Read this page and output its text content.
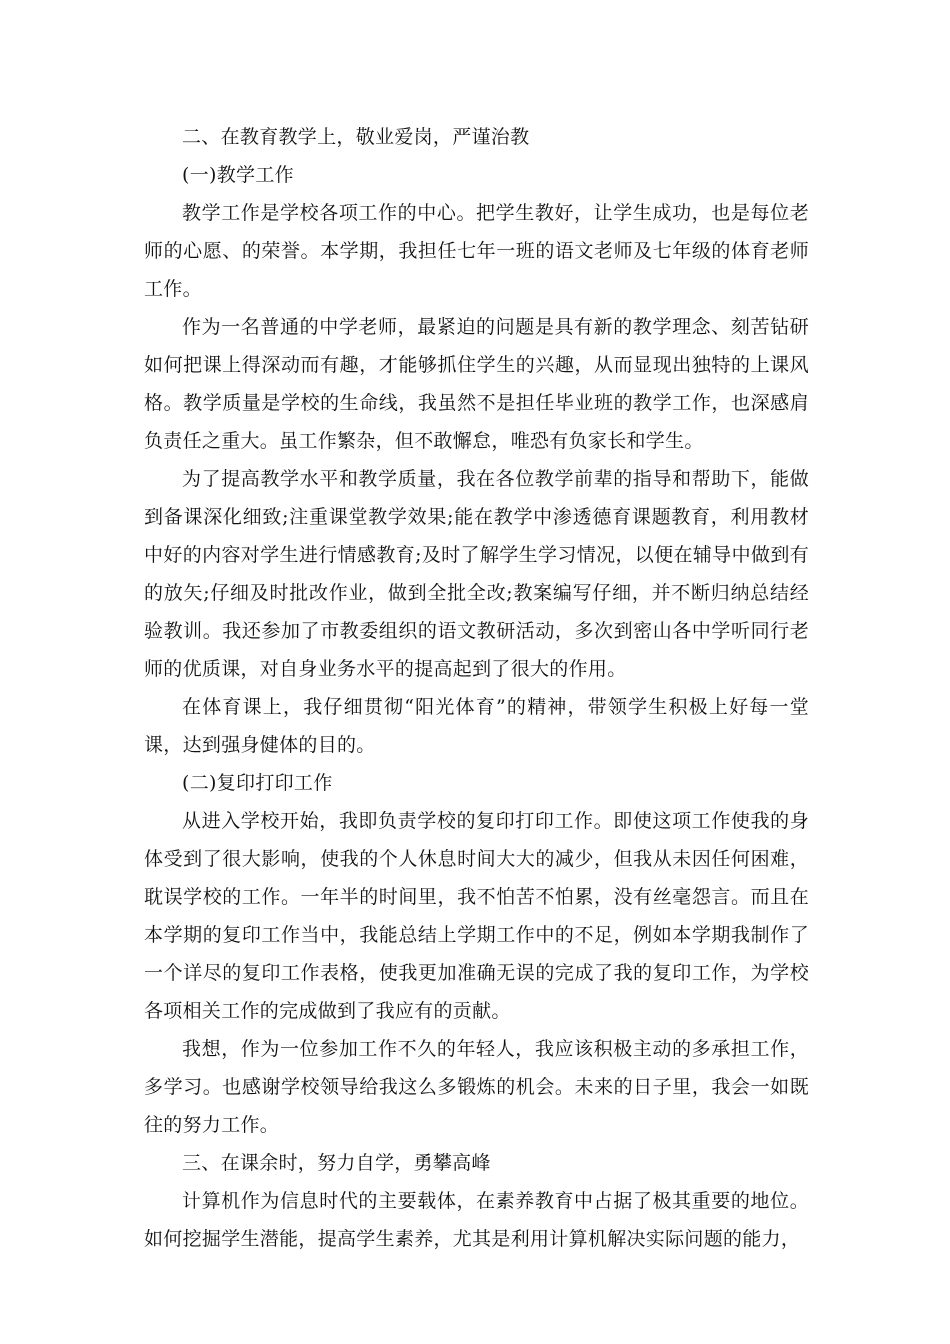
二、在教育教学上，敬业爱岗，严谨治教

(一)教学工作

教学工作是学校各项工作的中心。把学生教好，让学生成功，也是每位老师的心愿、的荣誉。本学期，我担任七年一班的语文老师及七年级的体育老师工作。

作为一名普通的中学老师，最紧迫的问题是具有新的教学理念、刻苦钻研如何把课上得深动而有趣，才能够抓住学生的兴趣，从而显现出独特的上课风格。教学质量是学校的生命线，我虽然不是担任毕业班的教学工作，也深感肩负责任之重大。虽工作繁杂，但不敢懈怠，唯恐有负家长和学生。

为了提高教学水平和教学质量，我在各位教学前辈的指导和帮助下，能做到备课深化细致;注重课堂教学效果;能在教学中渗透德育课题教育，利用教材中好的内容对学生进行情感教育;及时了解学生学习情况，以便在辅导中做到有的放矢;仔细及时批改作业，做到全批全改;教案编写仔细，并不断归纳总结经验教训。我还参加了市教委组织的语文教研活动，多次到密山各中学听同行老师的优质课，对自身业务水平的提高起到了很大的作用。

在体育课上，我仔细贯彻“阳光体育”的精神，带领学生积极上好每一堂课，达到强身健体的目的。

(二)复印打印工作

从进入学校开始，我即负责学校的复印打印工作。即使这项工作使我的身体受到了很大影响，使我的个人休息时间大大的减少，但我从未因任何困难，耽误学校的工作。一年半的时间里，我不怕苦不怕累，没有丝毫怨言。而且在本学期的复印工作当中，我能总结上学期工作中的不足，例如本学期我制作了一个详尽的复印工作表格，使我更加准确无误的完成了我的复印工作，为学校各项相关工作的完成做到了我应有的贡献。

我想，作为一位参加工作不久的年轻人，我应该积极主动的多承担工作，多学习。也感谢学校领导给我这么多锻炼的机会。未来的日子里，我会一如既往的努力工作。

三、在课余时，努力自学，勇攀高峰

计算机作为信息时代的主要载体，在素养教育中占据了极其重要的地位。如何挖掘学生潜能，提高学生素养，尤其是利用计算机解决实际问题的能力，
